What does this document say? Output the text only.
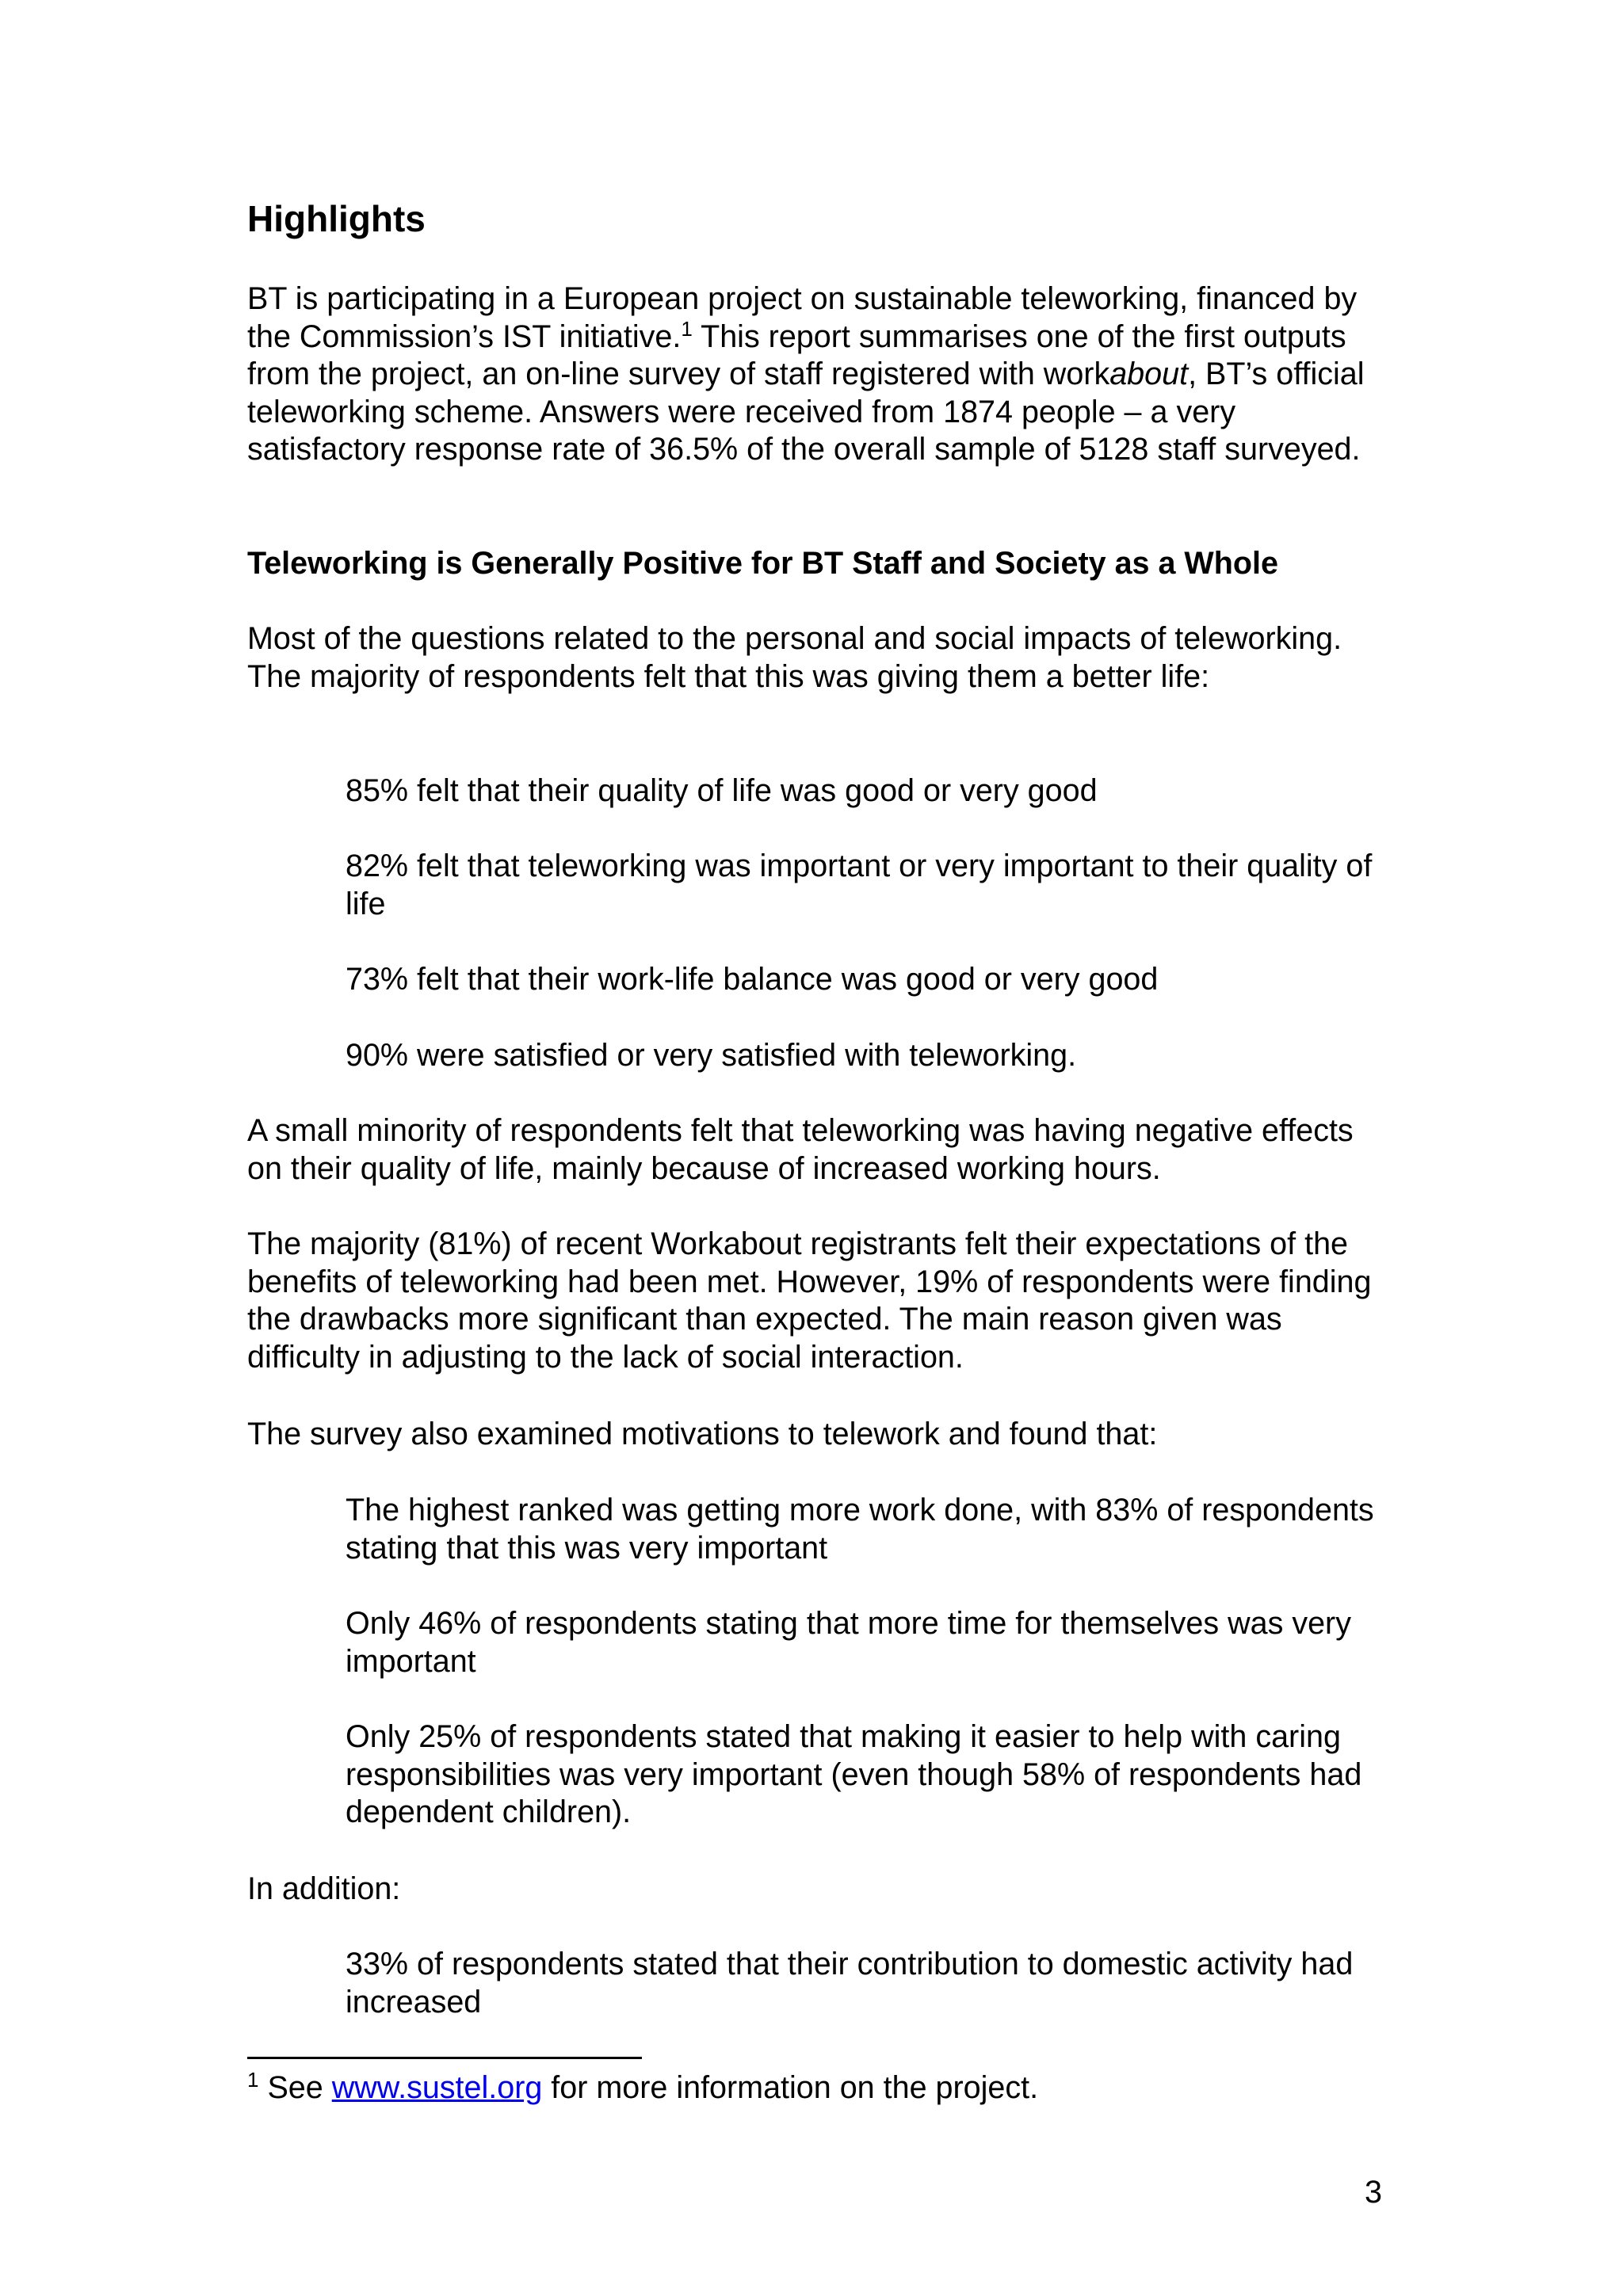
Highlights

BT is participating in a European project on sustainable teleworking, financed by the Commission’s IST initiative.$^1$ This report summarises one of the first outputs from the project, an on-line survey of staff registered with workabout, BT’s official teleworking scheme. Answers were received from 1874 people – a very satisfactory response rate of 36.5% of the overall sample of 5128 staff surveyed.

Teleworking is Generally Positive for BT Staff and Society as a Whole

Most of the questions related to the personal and social impacts of teleworking. The majority of respondents felt that this was giving them a better life:

85% felt that their quality of life was good or very good

82% felt that teleworking was important or very important to their quality of life

73% felt that their work-life balance was good or very good

90% were satisfied or very satisfied with teleworking.

A small minority of respondents felt that teleworking was having negative effects on their quality of life, mainly because of increased working hours.

The majority (81%) of recent Workabout registrants felt their expectations of the benefits of teleworking had been met. However, 19% of respondents were finding the drawbacks more significant than expected. The main reason given was difficulty in adjusting to the lack of social interaction.

The survey also examined motivations to telework and found that:

The highest ranked was getting more work done, with 83% of respondents stating that this was very important

Only 46% of respondents stating that more time for themselves was very important

Only 25% of respondents stated that making it easier to help with caring responsibilities was very important (even though 58% of respondents had dependent children).

In addition:

33% of respondents stated that their contribution to domestic activity had increased

$^1$ See www.sustel.org for more information on the project.
3
